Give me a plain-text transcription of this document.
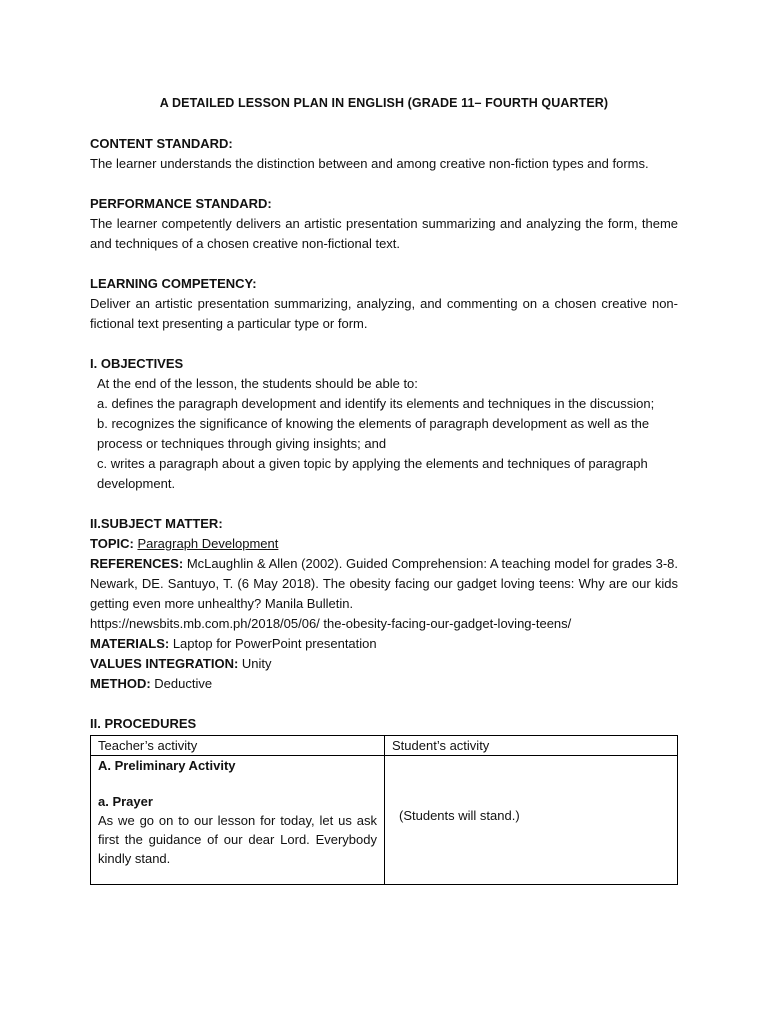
A DETAILED LESSON PLAN IN ENGLISH (GRADE 11– FOURTH QUARTER)

CONTENT STANDARD:

The learner understands the distinction between and among creative non-fiction types and forms.

PERFORMANCE STANDARD:

The learner competently delivers an artistic presentation summarizing and analyzing the form, theme and techniques of a chosen creative non-fictional text.

LEARNING COMPETENCY:

Deliver an artistic presentation summarizing, analyzing, and commenting on a chosen creative non-fictional text presenting a particular type or form.

I. OBJECTIVES

At the end of the lesson, the students should be able to:

a. defines the paragraph development and identify its elements and techniques in the discussion;

b. recognizes the significance of knowing the elements of paragraph development as well as the process or techniques through giving insights; and

c. writes a paragraph about a given topic by applying the elements and techniques of paragraph development.

II.SUBJECT MATTER:

TOPIC: Paragraph Development

REFERENCES: McLaughlin & Allen (2002). Guided Comprehension: A teaching model for grades 3-8. Newark, DE. Santuyo, T. (6 May 2018). The obesity facing our gadget loving teens: Why are our kids getting even more unhealthy? Manila Bulletin.

https://newsbits.mb.com.ph/2018/05/06/ the-obesity-facing-our-gadget-loving-teens/

MATERIALS: Laptop for PowerPoint presentation

VALUES INTEGRATION: Unity

METHOD: Deductive

II. PROCEDURES

Teacher’s activity	Student’s activity

A. Preliminary Activity

a. Prayer

As we go on to our lesson for today, let us ask first the guidance of our dear Lord. Everybody kindly stand.	(Students will stand.)
